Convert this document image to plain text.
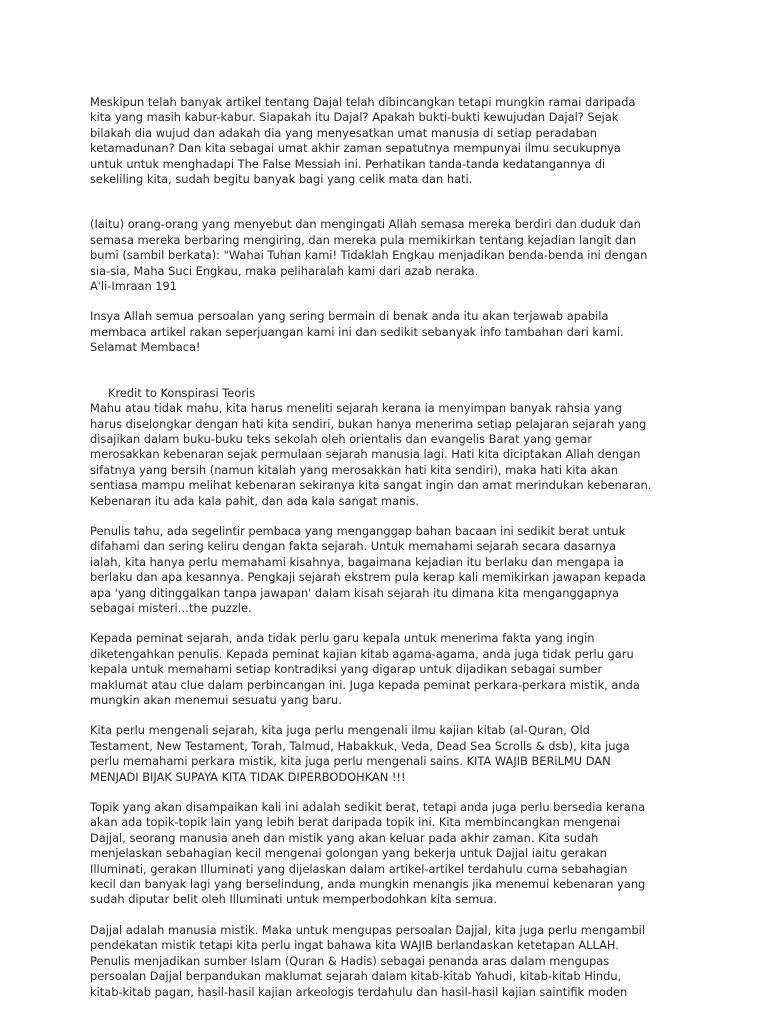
Meskipun telah banyak artikel tentang Dajal telah dibincangkan tetapi mungkin ramai daripada
kita yang masih kabur-kabur. Siapakah itu Dajal? Apakah bukti-bukti kewujudan Dajal? Sejak
bilakah dia wujud dan adakah dia yang menyesatkan umat manusia di setiap peradaban
ketamadunan? Dan kita sebagai umat akhir zaman sepatutnya mempunyai ilmu secukupnya
untuk untuk menghadapi The False Messiah ini. Perhatikan tanda-tanda kedatangannya di
sekeliling kita, sudah begitu banyak bagi yang celik mata dan hati.

(Iaitu) orang-orang yang menyebut dan mengingati Allah semasa mereka berdiri dan duduk dan
semasa mereka berbaring mengiring, dan mereka pula memikirkan tentang kejadian langit dan
bumi (sambil berkata): "Wahai Tuhan kami! Tidaklah Engkau menjadikan benda-benda ini dengan
sia-sia, Maha Suci Engkau, maka peliharalah kami dari azab neraka.
A'li-Imraan 191

Insya Allah semua persoalan yang sering bermain di benak anda itu akan terjawab apabila
membaca artikel rakan seperjuangan kami ini dan sedikit sebanyak info tambahan dari kami.
Selamat Membaca!

Kredit to Konspirasi Teoris

Mahu atau tidak mahu, kita harus meneliti sejarah kerana ia menyimpan banyak rahsia yang
harus diselongkar dengan hati kita sendiri, bukan hanya menerima setiap pelajaran sejarah yang
disajikan dalam buku-buku teks sekolah oleh orientalis dan evangelis Barat yang gemar
merosakkan kebenaran sejak permulaan sejarah manusia lagi. Hati kita diciptakan Allah dengan
sifatnya yang bersih (namun kitalah yang merosakkan hati kita sendiri), maka hati kita akan
sentiasa mampu melihat kebenaran sekiranya kita sangat ingin dan amat merindukan kebenaran.
Kebenaran itu ada kala pahit, dan ada kala sangat manis.

Penulis tahu, ada segelintir pembaca yang menganggap bahan bacaan ini sedikit berat untuk
difahami dan sering keliru dengan fakta sejarah. Untuk memahami sejarah secara dasarnya
ialah, kita hanya perlu memahami kisahnya, bagaimana kejadian itu berlaku dan mengapa ia
berlaku dan apa kesannya. Pengkaji sejarah ekstrem pula kerap kali memikirkan jawapan kepada
apa 'yang ditinggalkan tanpa jawapan' dalam kisah sejarah itu dimana kita menganggapnya
sebagai misteri…the puzzle.

Kepada peminat sejarah, anda tidak perlu garu kepala untuk menerima fakta yang ingin
diketengahkan penulis. Kepada peminat kajian kitab agama-agama, anda juga tidak perlu garu
kepala untuk memahami setiap kontradiksi yang digarap untuk dijadikan sebagai sumber
maklumat atau clue dalam perbincangan ini. Juga kepada peminat perkara-perkara mistik, anda
mungkin akan menemui sesuatu yang baru.

Kita perlu mengenali sejarah, kita juga perlu mengenali ilmu kajian kitab (al-Quran, Old
Testament, New Testament, Torah, Talmud, Habakkuk, Veda, Dead Sea Scrolls & dsb), kita juga
perlu memahami perkara mistik, kita juga perlu mengenali sains. KITA WAJIB BERiLMU DAN
MENJADI BIJAK SUPAYA KITA TIDAK DIPERBODOHKAN !!!

Topik yang akan disampaikan kali ini adalah sedikit berat, tetapi anda juga perlu bersedia kerana
akan ada topik-topik lain yang lebih berat daripada topik ini. Kita membincangkan mengenai
Dajjal, seorang manusia aneh dan mistik yang akan keluar pada akhir zaman. Kita sudah
menjelaskan sebahagian kecil mengenai golongan yang bekerja untuk Dajjal iaitu gerakan
Illuminati, gerakan Illuminati yang dijelaskan dalam artikel-artikel terdahulu cuma sebahagian
kecil dan banyak lagi yang berselindung, anda mungkin menangis jika menemui kebenaran yang
sudah diputar belit oleh Illuminati untuk memperbodohkan kita semua.

Dajjal adalah manusia mistik. Maka untuk mengupas persoalan Dajjal, kita juga perlu mengambil
pendekatan mistik tetapi kita perlu ingat bahawa kita WAJIB berlandaskan ketetapan ALLAH.
Penulis menjadikan sumber Islam (Quran & Hadis) sebagai penanda aras dalam mengupas
persoalan Dajjal berpandukan maklumat sejarah dalam kitab-kitab Yahudi, kitab-kitab Hindu,
kitab-kitab pagan, hasil-hasil kajian arkeologis terdahulu dan hasil-hasil kajian saintifik moden
